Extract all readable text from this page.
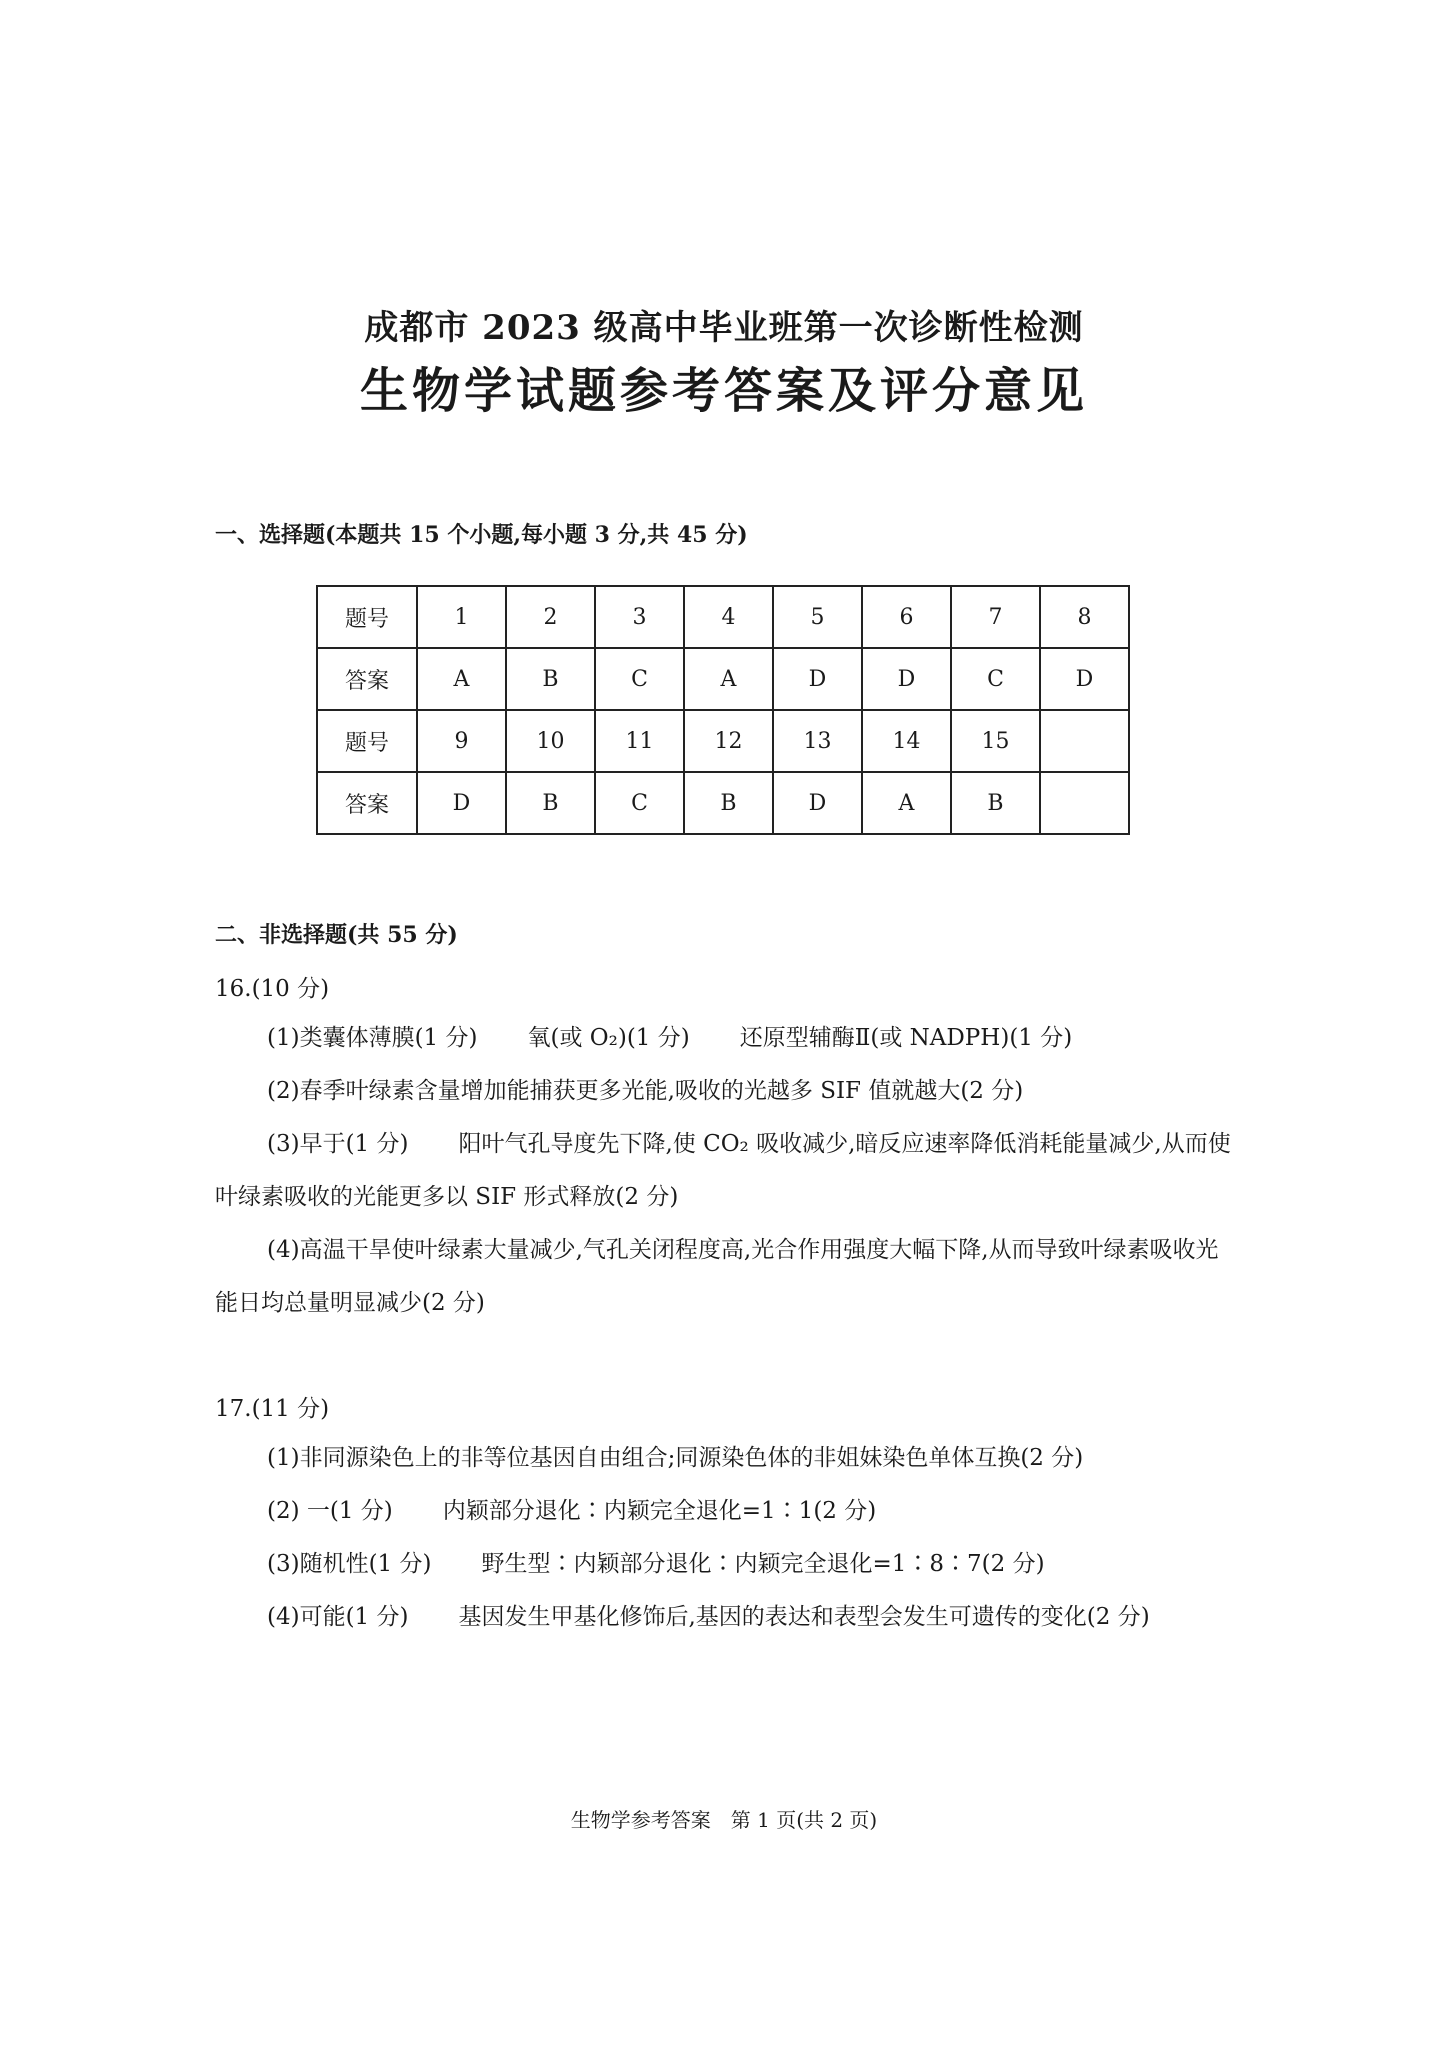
成都市 2023 级高中毕业班第一次诊断性检测
生物学试题参考答案及评分意见
一、选择题(本题共 15 个小题,每小题 3 分,共 45 分)
题号	1	2	3	4	5	6	7	8
答案	A	B	C	A	D	D	C	D
题号	9	10	11	12	13	14	15	
答案	D	B	C	B	D	A	B	
二、非选择题(共 55 分)
16.(10 分)
(1)类囊体薄膜(1 分) 氧(或 O₂)(1 分) 还原型辅酶Ⅱ(或 NADPH)(1 分)
(2)春季叶绿素含量增加能捕获更多光能,吸收的光越多 SIF 值就越大(2 分)
(3)早于(1 分) 阳叶气孔导度先下降,使 CO₂ 吸收减少,暗反应速率降低消耗能量减少,从而使叶绿素吸收的光能更多以 SIF 形式释放(2 分)
(4)高温干旱使叶绿素大量减少,气孔关闭程度高,光合作用强度大幅下降,从而导致叶绿素吸收光能日均总量明显减少(2 分)
17.(11 分)
(1)非同源染色上的非等位基因自由组合;同源染色体的非姐妹染色单体互换(2 分)
(2) 一(1 分) 内颖部分退化∶内颖完全退化=1∶1(2 分)
(3)随机性(1 分) 野生型∶内颖部分退化∶内颖完全退化=1∶8∶7(2 分)
(4)可能(1 分) 基因发生甲基化修饰后,基因的表达和表型会发生可遗传的变化(2 分)
生物学参考答案　第 1 页(共 2 页)
